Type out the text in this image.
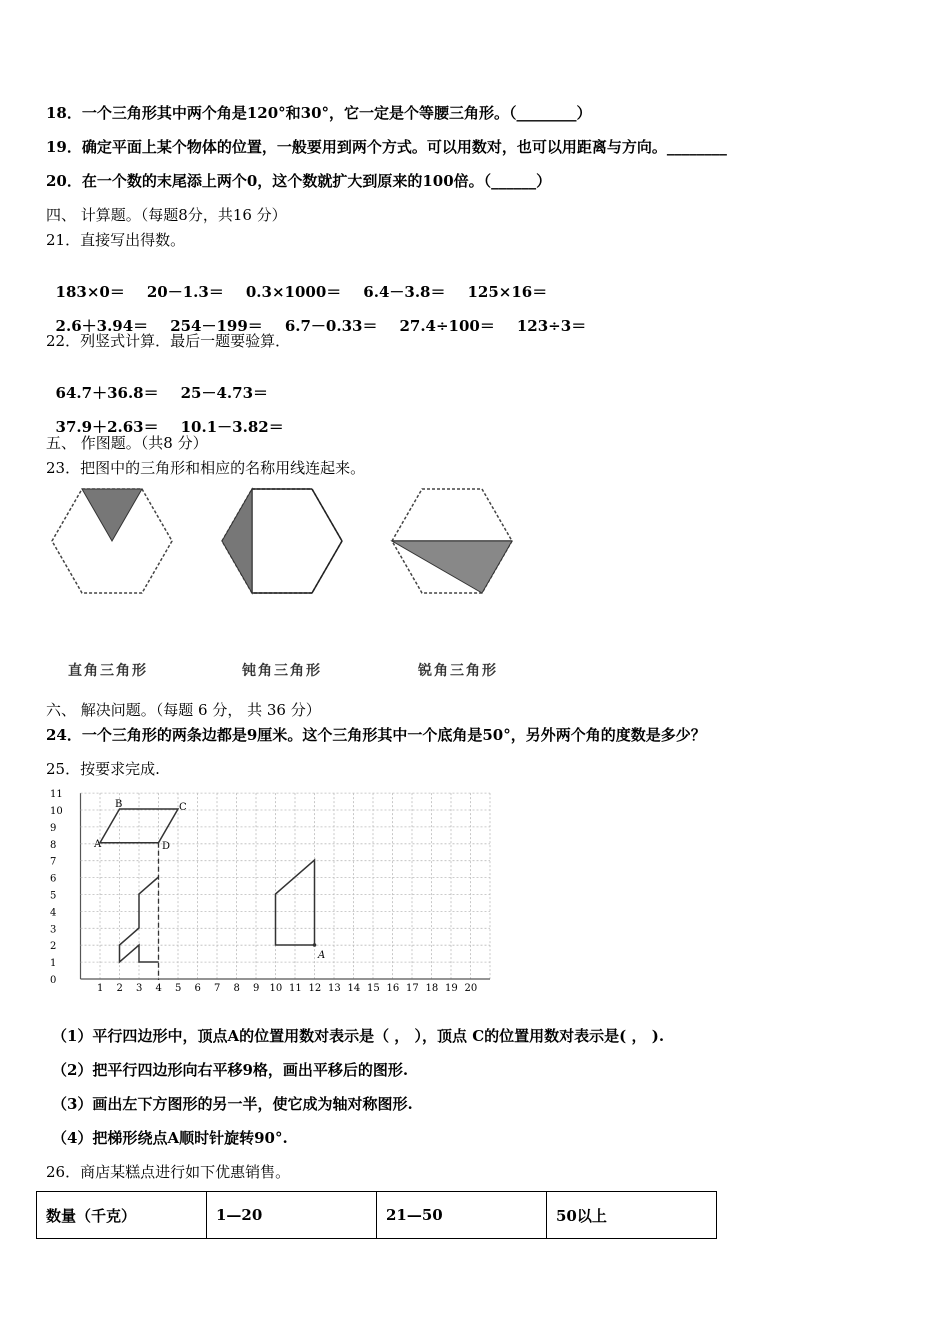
18．一个三角形其中两个角是120°和30°，它一定是个等腰三角形。（________）
19．确定平面上某个物体的位置，一般要用到两个方式。可以用数对，也可以用距离与方向。________
20．在一个数的末尾添上两个0，这个数就扩大到原来的100倍。（______）
四、 计算题。（每题8分，共16 分）
21．直接写出得数。

183×0＝ 20－1.3＝ 0.3×1000＝ 6.4－3.8＝ 125×16＝

2.6＋3.94＝ 254－199＝ 6.7－0.33＝ 27.4÷100＝ 123÷3＝

22．列竖式计算．最后一题要验算．

64.7＋36.8＝ 25－4.73＝

37.9＋2.63＝ 10.1－3.82＝

五、 作图题。（共8 分）
23．把图中的三角形和相应的名称用线连起来。
直角三角形	钝角三角形	锐角三角形
六、 解决问题。（每题 6 分， 共 36 分）
24．一个三角形的两条边都是9厘米。这个三角形其中一个底角是50°，另外两个角的度数是多少？
25．按要求完成.
0
1
2
3
4
5
6
7
8
9
10
11
1 2 3 4 5 6 7 8 9 10 11 12 13 14 15 16 17 18 19 20
A
B	C
D
A
（1）平行四边形中，顶点A的位置用数对表示是（ ， ），顶点 C的位置用数对表示是( ， ).
（2）把平行四边形向右平移9格，画出平移后的图形.
（3）画出左下方图形的另一半，使它成为轴对称图形.
（4）把梯形绕点A顺时针旋转90°.
26．商店某糕点进行如下优惠销售。
数量（千克）	1—20	21—50	50以上
